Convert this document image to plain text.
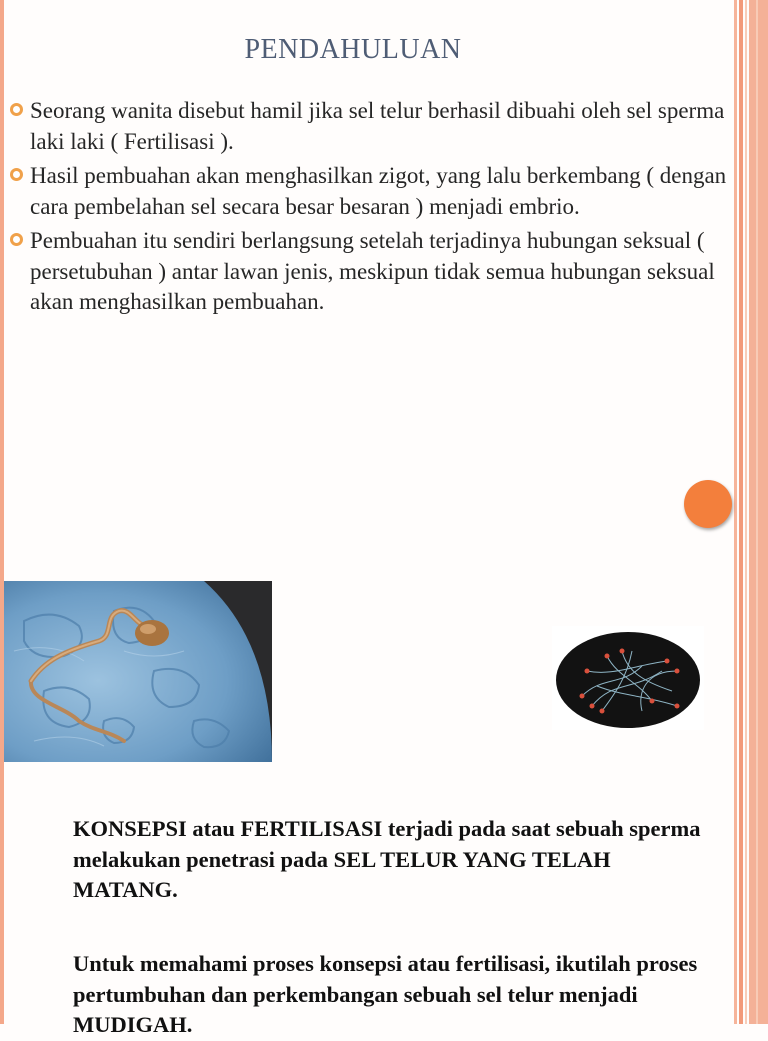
PENDAHULUAN
Seorang wanita disebut hamil jika sel telur berhasil dibuahi oleh sel sperma laki laki ( Fertilisasi ).
Hasil pembuahan akan menghasilkan zigot, yang lalu berkembang ( dengan cara pembelahan sel secara besar besaran ) menjadi embrio.
Pembuahan itu sendiri berlangsung setelah terjadinya hubungan seksual ( persetubuhan ) antar lawan jenis, meskipun tidak semua hubungan seksual akan menghasilkan pembuahan.

KONSEPSI atau FERTILISASI terjadi pada saat sebuah sperma melakukan penetrasi pada SEL TELUR YANG TELAH MATANG.

Untuk memahami proses konsepsi atau fertilisasi, ikutilah proses pertumbuhan dan perkembangan sebuah sel telur menjadi MUDIGAH.
